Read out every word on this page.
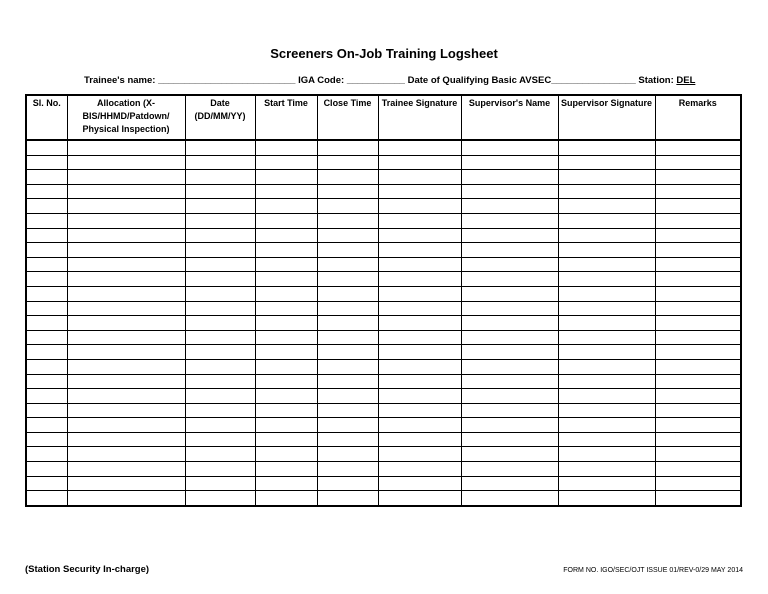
Screeners On-Job Training Logsheet
Trainee's name: __________________________ IGA Code: ___________ Date of Qualifying Basic AVSEC________________ Station: DEL
Sl. No.	Allocation (X-BIS/HHMD/Patdown/ Physical Inspection)	Date (DD/MM/YY)	Start Time	Close Time	Trainee Signature	Supervisor's Name	Supervisor Signature	Remarks

(Station Security In-charge)	FORM NO. IGO/SEC/OJT ISSUE 01/REV-0/29 MAY 2014
